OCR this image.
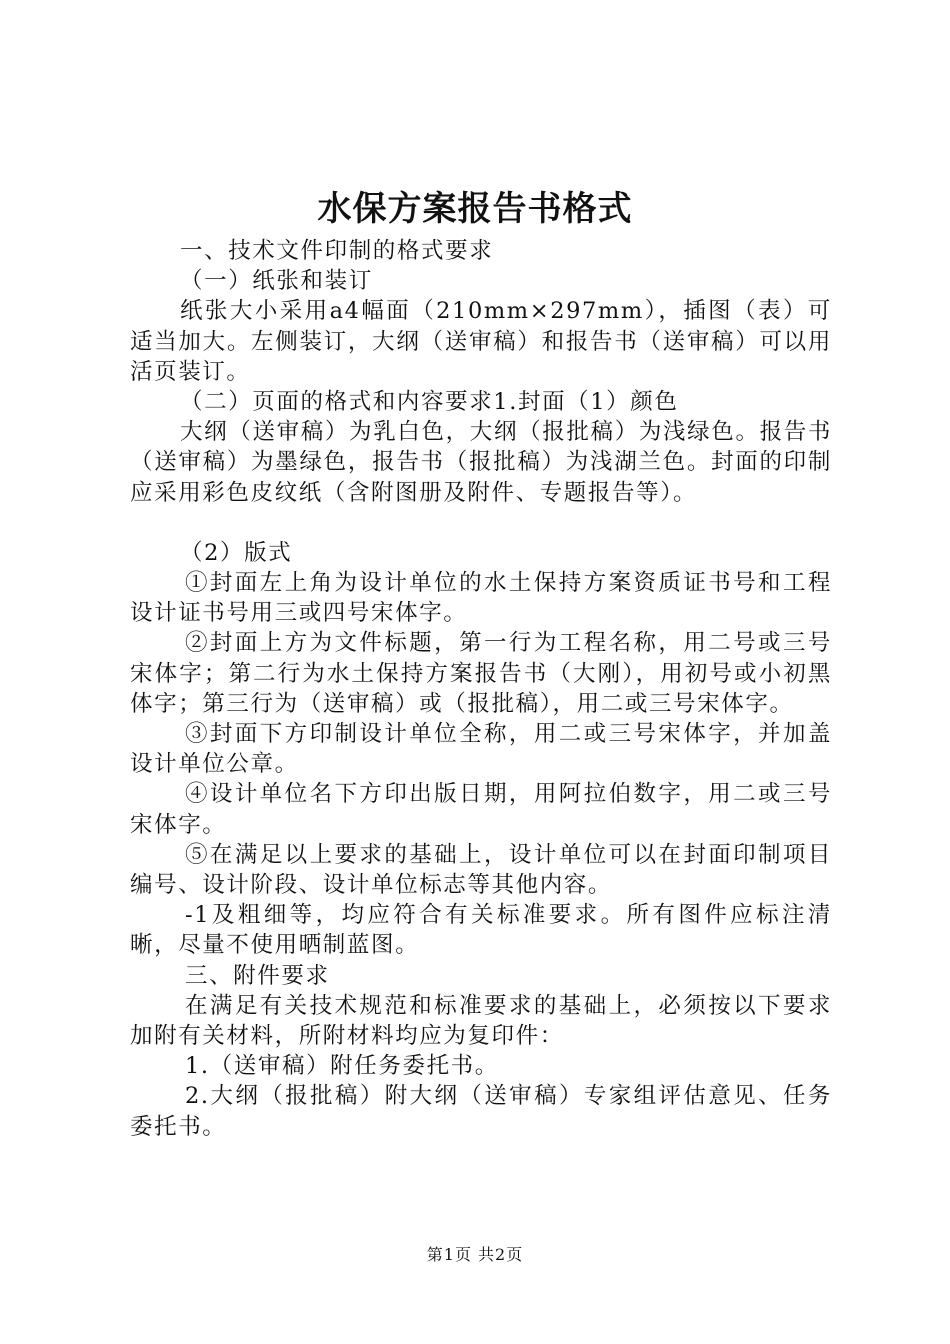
水保方案报告书格式

一、技术文件印制的格式要求

（一）纸张和装订

纸张大小采用a4幅面（210mm×297mm），插图（表）可适当加大。左侧装订，大纲（送审稿）和报告书（送审稿）可以用活页装订。

（二）页面的格式和内容要求1.封面（1）颜色

大纲（送审稿）为乳白色，大纲（报批稿）为浅绿色。报告书（送审稿）为墨绿色，报告书（报批稿）为浅湖兰色。封面的印制应采用彩色皮纹纸（含附图册及附件、专题报告等）。

（2）版式

①封面左上角为设计单位的水土保持方案资质证书号和工程设计证书号用三或四号宋体字。

②封面上方为文件标题，第一行为工程名称，用二号或三号宋体字；第二行为水土保持方案报告书（大刚），用初号或小初黑体字；第三行为（送审稿）或（报批稿），用二或三号宋体字。

③封面下方印制设计单位全称，用二或三号宋体字，并加盖设计单位公章。

④设计单位名下方印出版日期，用阿拉伯数字，用二或三号宋体字。

⑤在满足以上要求的基础上，设计单位可以在封面印制项目编号、设计阶段、设计单位标志等其他内容。

-1及粗细等，均应符合有关标准要求。所有图件应标注清晰，尽量不使用晒制蓝图。

三、附件要求

在满足有关技术规范和标准要求的基础上，必须按以下要求加附有关材料，所附材料均应为复印件：

1.（送审稿）附任务委托书。

2.大纲（报批稿）附大纲（送审稿）专家组评估意见、任务委托书。

第1页 共2页
